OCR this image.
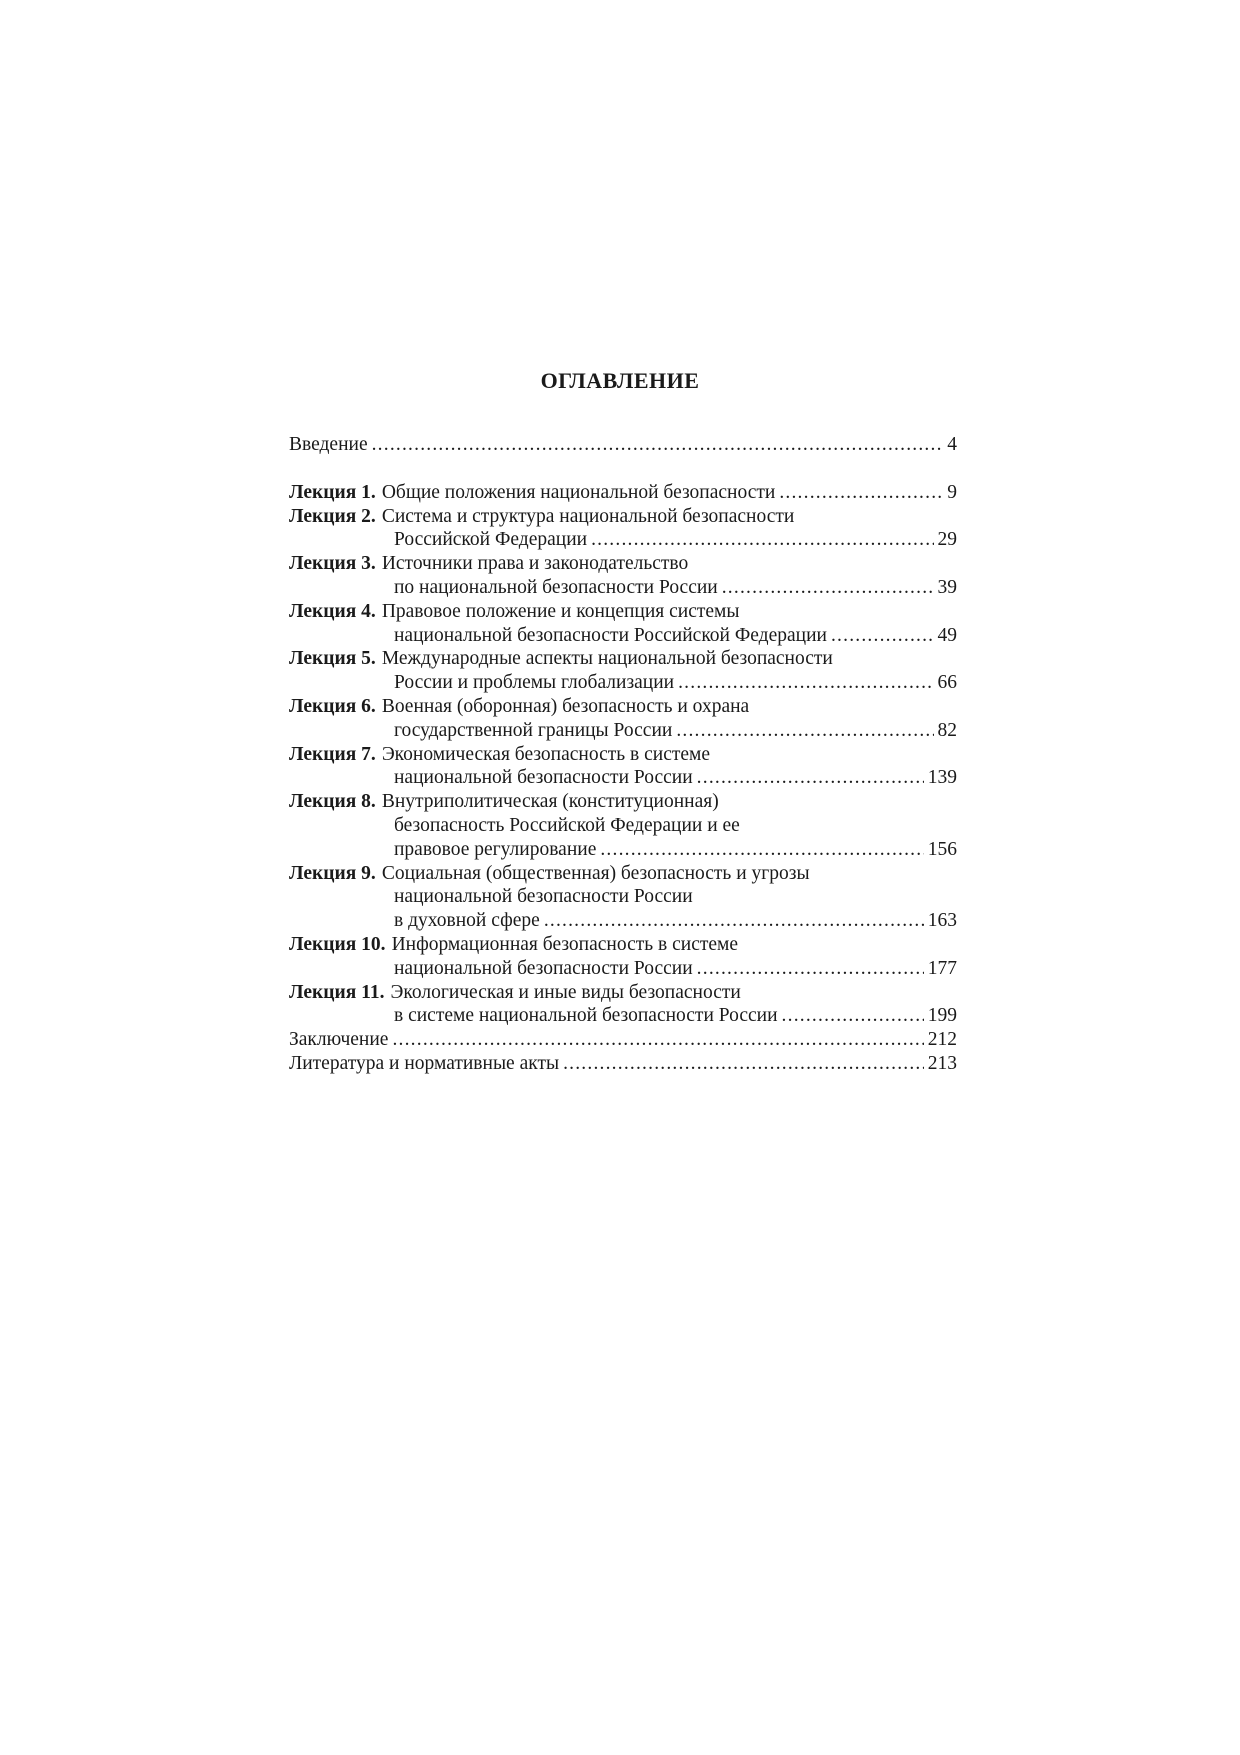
ОГЛАВЛЕНИЕ
Введение .....	4
Лекция 1. Общие положения национальной безопасности .....	9
Лекция 2. Система и структура национальной безопасности
Российской Федерации .....	29
Лекция 3. Источники права и законодательство
по национальной безопасности России .....	39
Лекция 4. Правовое положение и концепция системы
национальной безопасности Российской Федерации .....	49
Лекция 5. Международные аспекты национальной безопасности
России и проблемы глобализации .....	66
Лекция 6. Военная (оборонная) безопасность и охрана
государственной границы России .....	82
Лекция 7. Экономическая безопасность в системе
национальной безопасности России .....	139
Лекция 8. Внутриполитическая (конституционная)
безопасность Российской Федерации и ее
правовое регулирование .....	156
Лекция 9. Социальная (общественная) безопасность и угрозы
национальной безопасности России
в духовной сфере .....	163
Лекция 10. Информационная безопасность в системе
национальной безопасности России .....	177
Лекция 11. Экологическая и иные виды безопасности
в системе национальной безопасности России .....	199
Заключение .....	212
Литература и нормативные акты .....	213
